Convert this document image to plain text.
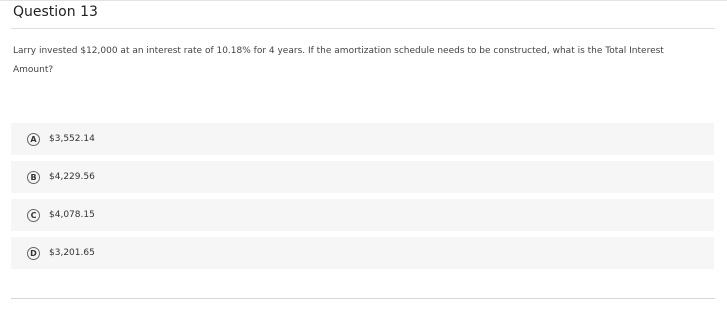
Question 13
Larry invested $12,000 at an interest rate of 10.18% for 4 years. If the amortization schedule needs to be constructed, what is the Total Interest Amount?
A	$3,552.14
B	$4,229.56
C	$4,078.15
D	$3,201.65
